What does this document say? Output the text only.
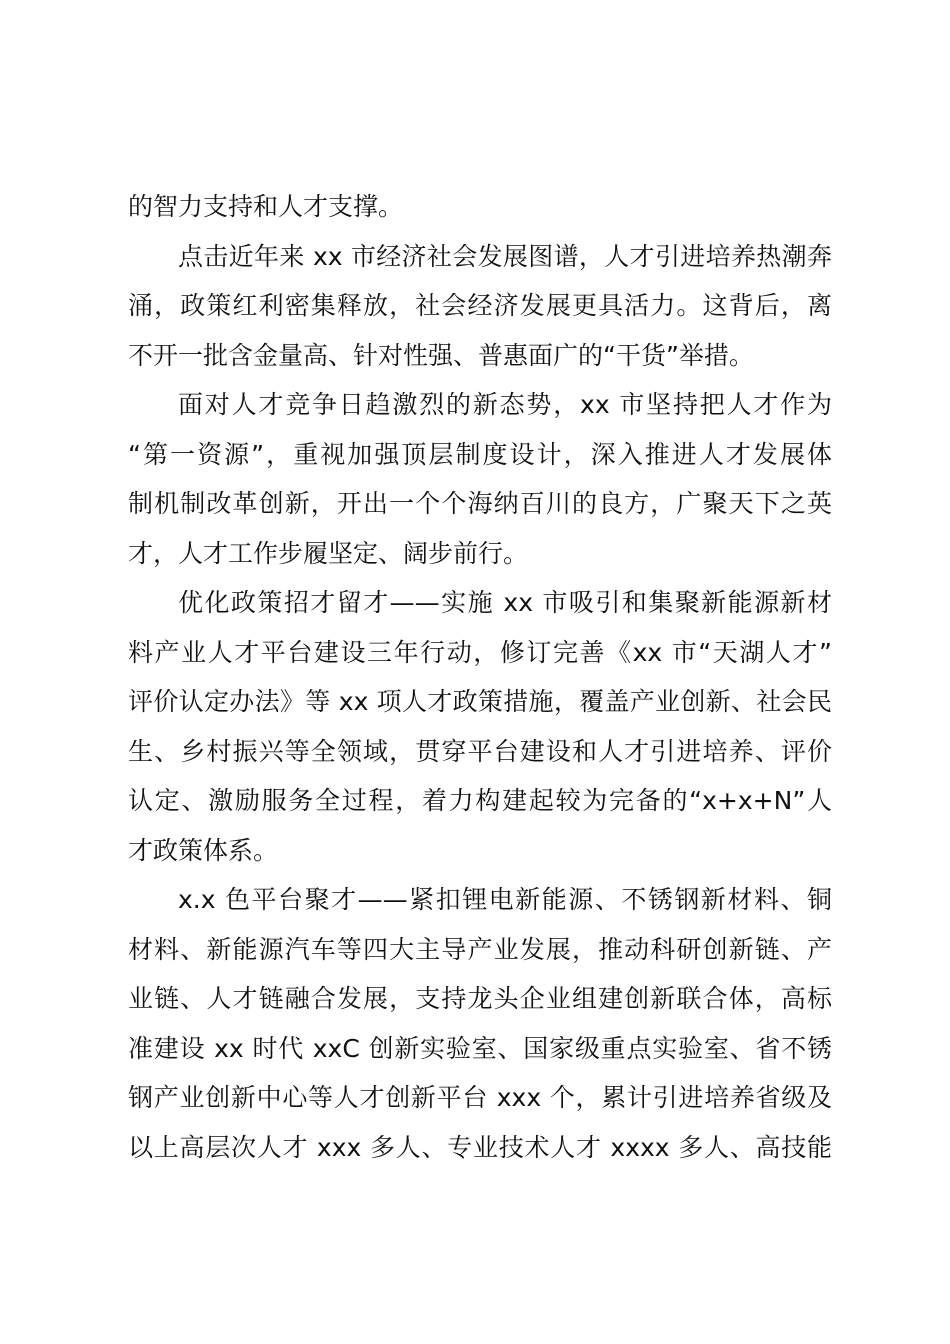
的智力支持和人才支撑。
点击近年来 xx 市经济社会发展图谱，人才引进培养热潮奔
涌，政策红利密集释放，社会经济发展更具活力。这背后，离
不开一批含金量高、针对性强、普惠面广的“干货”举措。
面对人才竞争日趋激烈的新态势，xx 市坚持把人才作为
“第一资源”，重视加强顶层制度设计，深入推进人才发展体
制机制改革创新，开出一个个海纳百川的良方，广聚天下之英
才，人才工作步履坚定、阔步前行。
优化政策招才留才——实施 xx 市吸引和集聚新能源新材
料产业人才平台建设三年行动，修订完善《xx 市“天湖人才”
评价认定办法》等 xx 项人才政策措施，覆盖产业创新、社会民
生、乡村振兴等全领域，贯穿平台建设和人才引进培养、评价
认定、激励服务全过程，着力构建起较为完备的“x+x+N”人
才政策体系。
x.x 色平台聚才——紧扣锂电新能源、不锈钢新材料、铜
材料、新能源汽车等四大主导产业发展，推动科研创新链、产
业链、人才链融合发展，支持龙头企业组建创新联合体，高标
准建设 xx 时代 xxC 创新实验室、国家级重点实验室、省不锈
钢产业创新中心等人才创新平台 xxx 个，累计引进培养省级及
以上高层次人才 xxx 多人、专业技术人才 xxxx 多人、高技能
